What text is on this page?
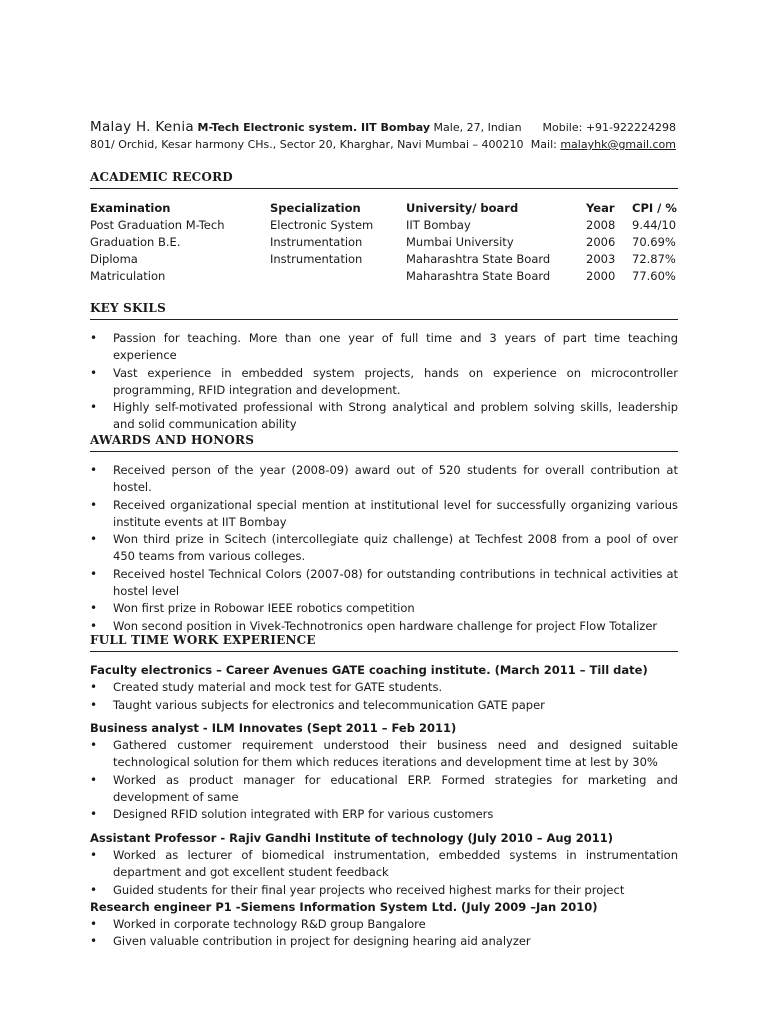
Malay H. Kenia M-Tech Electronic system. IIT Bombay Male, 27, Indian Mobile: +91-922224298
801/ Orchid, Kesar harmony CHs., Sector 20, Kharghar, Navi Mumbai – 400210 Mail: malayhk@gmail.com
ACADEMIC RECORD
Examination	Specialization	University/ board	Year	CPI / %
Post Graduation M-Tech	Electronic System	IIT Bombay	2008	9.44/10
Graduation B.E.	Instrumentation	Mumbai University	2006	70.69%
Diploma	Instrumentation	Maharashtra State Board	2003	72.87%
Matriculation		Maharashtra State Board	2000	77.60%
KEY SKILS
• Passion for teaching. More than one year of full time and 3 years of part time teaching experience
• Vast experience in embedded system projects, hands on experience on microcontroller programming, RFID integration and development.
• Highly self-motivated professional with Strong analytical and problem solving skills, leadership and solid communication ability
AWARDS AND HONORS
• Received person of the year (2008-09) award out of 520 students for overall contribution at hostel.
• Received organizational special mention at institutional level for successfully organizing various institute events at IIT Bombay
• Won third prize in Scitech (intercollegiate quiz challenge) at Techfest 2008 from a pool of over 450 teams from various colleges.
• Received hostel Technical Colors (2007-08) for outstanding contributions in technical activities at hostel level
• Won first prize in Robowar IEEE robotics competition
• Won second position in Vivek-Technotronics open hardware challenge for project Flow Totalizer
FULL TIME WORK EXPERIENCE
Faculty electronics – Career Avenues GATE coaching institute. (March 2011 – Till date)
• Created study material and mock test for GATE students.
• Taught various subjects for electronics and telecommunication GATE paper
Business analyst - ILM Innovates (Sept 2011 – Feb 2011)
• Gathered customer requirement understood their business need and designed suitable technological solution for them which reduces iterations and development time at lest by 30%
• Worked as product manager for educational ERP. Formed strategies for marketing and development of same
• Designed RFID solution integrated with ERP for various customers
Assistant Professor - Rajiv Gandhi Institute of technology (July 2010 – Aug 2011)
• Worked as lecturer of biomedical instrumentation, embedded systems in instrumentation department and got excellent student feedback
• Guided students for their final year projects who received highest marks for their project
Research engineer P1 -Siemens Information System Ltd. (July 2009 –Jan 2010)
• Worked in corporate technology R&D group Bangalore
• Given valuable contribution in project for designing hearing aid analyzer
